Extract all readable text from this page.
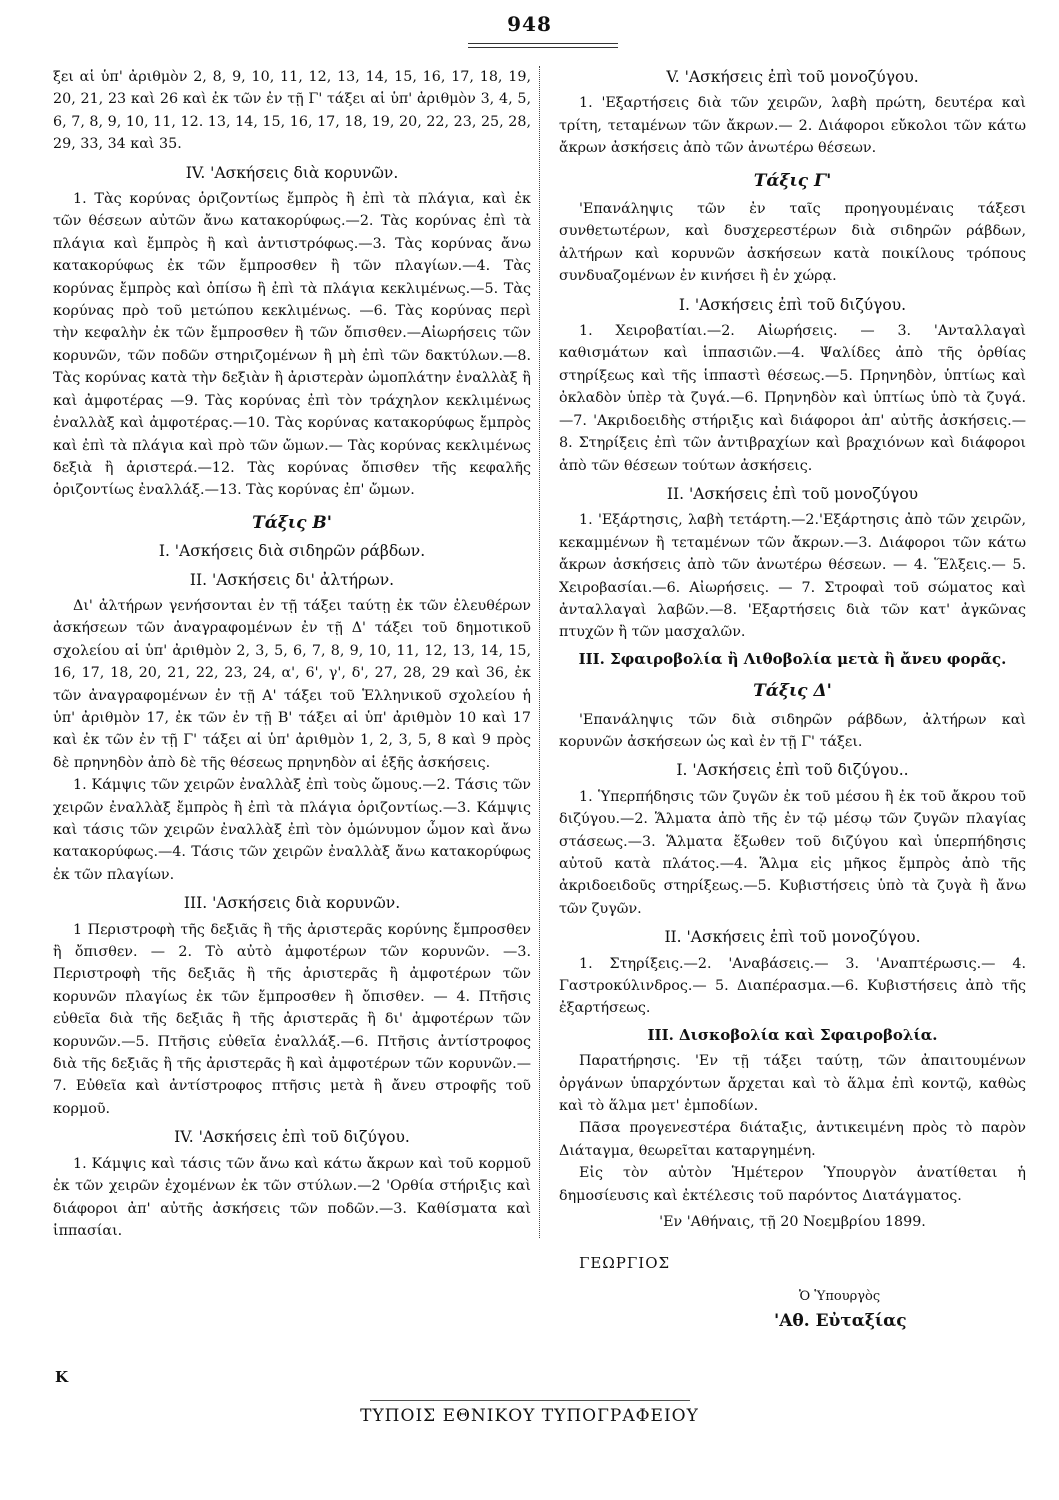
948

ξει αἱ ὑπ' ἀριθμὸν 2, 8, 9, 10, 11, 12, 13, 14, 15, 16, 17, 18, 19, 20, 21, 23 καὶ 26 καὶ ἐκ τῶν ἐν τῇ Γ' τάξει αἱ ὑπ' ἀριθμὸν 3, 4, 5, 6, 7, 8, 9, 10, 11, 12. 13, 14, 15, 16, 17, 18, 19, 20, 22, 23, 25, 28, 29, 33, 34 καὶ 35.

IV. 'Ασκήσεις διὰ κορυνῶν.

1. Τὰς κορύνας ὁριζοντίως ἔμπρὸς ἢ ἐπὶ τὰ πλάγια, καὶ ἐκ τῶν θέσεων αὐτῶν ἄνω κατακορύφως.—2. Τὰς κορύνας ἐπὶ τὰ πλάγια καὶ ἔμπρὸς ἢ καὶ ἀντιστρόφως.—3. Τὰς κορύνας ἄνω κατακορύφως ἐκ τῶν ἔμπροσθεν ἢ τῶν πλαγίων.—4. Τὰς κορύνας ἔμπρὸς καὶ ὀπίσω ἢ ἐπὶ τὰ πλάγια κεκλιμένως.—5. Τὰς κορύνας πρὸ τοῦ μετώπου κεκλιμένως. —6. Τὰς κορύνας περὶ τὴν κεφαλὴν ἐκ τῶν ἔμπροσθεν ἢ τῶν ὄπισθεν.—Αἰωρήσεις τῶν κορυνῶν, τῶν ποδῶν στηριζομένων ἢ μὴ ἐπὶ τῶν δακτύλων.—8. Τὰς κορύνας κατὰ τὴν δεξιὰν ἢ ἀριστερὰν ὠμοπλάτην ἐναλλὰξ ἢ καὶ ἀμφοτέρας —9. Τὰς κορύνας ἐπὶ τὸν τράχηλον κεκλιμένως ἐναλλὰξ καὶ ἀμφοτέρας.—10. Τὰς κορύνας κατακορύφως ἔμπρὸς καὶ ἐπὶ τὰ πλάγια καὶ πρὸ τῶν ὤμων.— Τὰς κορύνας κεκλιμένως δεξιὰ ἢ ἀριστερά.—12. Τὰς κορύνας ὄπισθεν τῆς κεφαλῆς ὁριζοντίως ἐναλλάξ.—13. Τὰς κορύνας ἐπ' ὤμων.

Τάξις Β'
I. 'Ασκήσεις διὰ σιδηρῶν ράβδων.
II. 'Ασκήσεις δι' ἀλτήρων.

Δι' ἀλτήρων γενήσονται ἐν τῇ τάξει ταύτῃ ἐκ τῶν ἐλευθέρων ἀσκήσεων τῶν ἀναγραφομένων ἐν τῇ Δ' τάξει τοῦ δημοτικοῦ σχολείου αἱ ὑπ' ἀριθμὸν 2, 3, 5, 6, 7, 8, 9, 10, 11, 12, 13, 14, 15, 16, 17, 18, 20, 21, 22, 23, 24, α', 6', γ', δ', 27, 28, 29 καὶ 36, ἐκ τῶν ἀναγραφομένων ἐν τῇ Α' τάξει τοῦ Ἑλληνικοῦ σχολείου ἡ ὑπ' ἀριθμὸν 17, ἐκ τῶν ἐν τῇ Β' τάξει αἱ ὑπ' ἀριθμὸν 10 καὶ 17 καὶ ἐκ τῶν ἐν τῇ Γ' τάξει αἱ ὑπ' ἀριθμὸν 1, 2, 3, 5, 8 καὶ 9 πρὸς δὲ πρηνηδὸν ἀπὸ δὲ τῆς θέσεως πρηνηδὸν αἱ ἑξῆς ἀσκήσεις.

1. Κάμψις τῶν χειρῶν ἐναλλὰξ ἐπὶ τοὺς ὤμους.—2. Τάσις τῶν χειρῶν ἐναλλὰξ ἔμπρὸς ἢ ἐπὶ τὰ πλάγια ὁριζοντίως.—3. Κάμψις καὶ τάσις τῶν χειρῶν ἐναλλὰξ ἐπὶ τὸν ὁμώνυμον ὦμον καὶ ἄνω κατακορύφως.—4. Τάσις τῶν χειρῶν ἐναλλὰξ ἄνω κατακορύφως ἐκ τῶν πλαγίων.

III. 'Ασκήσεις διὰ κορυνῶν.

1 Περιστροφὴ τῆς δεξιᾶς ἢ τῆς ἀριστερᾶς κορύνης ἔμπροσθεν ἢ ὄπισθεν. — 2. Τὸ αὐτὸ ἀμφοτέρων τῶν κορυνῶν. —3. Περιστροφὴ τῆς δεξιᾶς ἢ τῆς ἀριστερᾶς ἢ ἀμφοτέρων τῶν κορυνῶν πλαγίως ἐκ τῶν ἔμπροσθεν ἢ ὄπισθεν. — 4. Πτῆσις εὐθεῖα διὰ τῆς δεξιᾶς ἢ τῆς ἀριστερᾶς ἢ δι' ἀμφοτέρων τῶν κορυνῶν.—5. Πτῆσις εὐθεῖα ἐναλλάξ.—6. Πτῆσις ἀντίστροφος διὰ τῆς δεξιᾶς ἢ τῆς ἀριστερᾶς ἢ καὶ ἀμφοτέρων τῶν κορυνῶν.—7. Εὐθεῖα καὶ ἀντίστροφος πτῆσις μετὰ ἢ ἄνευ στροφῆς τοῦ κορμοῦ.

IV. 'Ασκήσεις ἐπὶ τοῦ διζύγου.

1. Κάμψις καὶ τάσις τῶν ἄνω καὶ κάτω ἄκρων καὶ τοῦ κορμοῦ ἐκ τῶν χειρῶν ἐχομένων ἐκ τῶν στύλων.—2 'Ορθία στήριξις καὶ διάφοροι ἀπ' αὐτῆς ἀσκήσεις τῶν ποδῶν.—3. Καθίσματα καὶ ἱππασίαι.

V. 'Ασκήσεις ἐπὶ τοῦ μονοζύγου.

1. 'Εξαρτήσεις διὰ τῶν χειρῶν, λαβὴ πρώτη, δευτέρα καὶ τρίτη, τεταμένων τῶν ἄκρων.— 2. Διάφοροι εὔκολοι τῶν κάτω ἄκρων ἀσκήσεις ἀπὸ τῶν ἀνωτέρω θέσεων.

Τάξις Γ'

'Επανάληψις τῶν ἐν ταῖς προηγουμέναις τάξεσι συνθετωτέρων, καὶ δυσχερεστέρων διὰ σιδηρῶν ράβδων, ἀλτήρων καὶ κορυνῶν ἀσκήσεων κατὰ ποικίλους τρόπους συνδυαζομένων ἐν κινήσει ἢ ἐν χώρᾳ.

I. 'Ασκήσεις ἐπὶ τοῦ διζύγου.

1. Χειροβατίαι.—2. Αἰωρήσεις. — 3. 'Ανταλλαγαὶ καθισμάτων καὶ ἱππασιῶν.—4. Ψαλίδες ἀπὸ τῆς ὀρθίας στηρίξεως καὶ τῆς ἱππαστὶ θέσεως.—5. Πρηνηδὸν, ὑπτίως καὶ ὀκλαδὸν ὑπὲρ τὰ ζυγά.—6. Πρηνηδὸν καὶ ὑπτίως ὑπὸ τὰ ζυγά.—7. 'Ακριδοειδὴς στήριξις καὶ διάφοροι ἀπ' αὐτῆς ἀσκήσεις.—8. Στηρίξεις ἐπὶ τῶν ἀντιβραχίων καὶ βραχιόνων καὶ διάφοροι ἀπὸ τῶν θέσεων τούτων ἀσκήσεις.

II. 'Ασκήσεις ἐπὶ τοῦ μονοζύγου

1. 'Εξάρτησις, λαβὴ τετάρτη.—2.'Εξάρτησις ἀπὸ τῶν χειρῶν, κεκαμμένων ἢ τεταμένων τῶν ἄκρων.—3. Διάφοροι τῶν κάτω ἄκρων ἀσκήσεις ἀπὸ τῶν ἀνωτέρω θέσεων. — 4. Ἕλξεις.— 5. Χειροβασίαι.—6. Αἰωρήσεις. — 7. Στροφαὶ τοῦ σώματος καὶ ἀνταλλαγαὶ λαβῶν.—8. 'Εξαρτήσεις διὰ τῶν κατ' ἀγκῶνας πτυχῶν ἢ τῶν μασχαλῶν.

III. Σφαιροβολία ἢ Λιθοβολία μετὰ ἢ ἄνευ φορᾶς.

Τάξις Δ'

'Επανάληψις τῶν διὰ σιδηρῶν ράβδων, ἀλτήρων καὶ κορυνῶν ἀσκήσεων ὡς καὶ ἐν τῇ Γ' τάξει.

I. 'Ασκήσεις ἐπὶ τοῦ διζύγου..

1. Ὑπερπήδησις τῶν ζυγῶν ἐκ τοῦ μέσου ἢ ἐκ τοῦ ἄκρου τοῦ διζύγου.—2. Ἅλματα ἀπὸ τῆς ἐν τῷ μέσῳ τῶν ζυγῶν πλαγίας στάσεως.—3. Ἅλματα ἔξωθεν τοῦ διζύγου καὶ ὑπερπήδησις αὐτοῦ κατὰ πλάτος.—4. Ἅλμα εἰς μῆκος ἔμπρὸς ἀπὸ τῆς ἀκριδοειδοῦς στηρίξεως.—5. Κυβιστήσεις ὑπὸ τὰ ζυγὰ ἢ ἄνω τῶν ζυγῶν.

II. 'Ασκήσεις ἐπὶ τοῦ μονοζύγου.

1. Στηρίξεις.—2. 'Αναβάσεις.— 3. 'Αναπτέρωσις.— 4. Γαστροκύλινδρος.— 5. Διαπέρασμα.—6. Κυβιστήσεις ἀπὸ τῆς ἐξαρτήσεως.

III. Δισκοβολία καὶ Σφαιροβολία.

Παρατήρησις. 'Εν τῇ τάξει ταύτῃ, τῶν ἀπαιτουμένων ὀργάνων ὑπαρχόντων ἄρχεται καὶ τὸ ἅλμα ἐπὶ κοντῷ, καθὼς καὶ τὸ ἅλμα μετ' ἐμποδίων.

Πᾶσα προγενεστέρα διάταξις, ἀντικειμένη πρὸς τὸ παρὸν Διάταγμα, θεωρεῖται καταργημένη.

Εἰς τὸν αὐτὸν Ἡμέτερον Ὑπουργὸν ἀνατίθεται ἡ δημοσίευσις καὶ ἐκτέλεσις τοῦ παρόντος Διατάγματος.

'Εν 'Αθήναις, τῇ 20 Νοεμβρίου 1899.

ΓΕΩΡΓΙΟΣ

Ὁ Ὑπουργὸς

'Αθ. Εὐταξίας

Κ
ΤΥΠΟΙΣ ΕΘΝΙΚΟΥ ΤΥΠΟΓΡΑΦΕΙΟΥ
